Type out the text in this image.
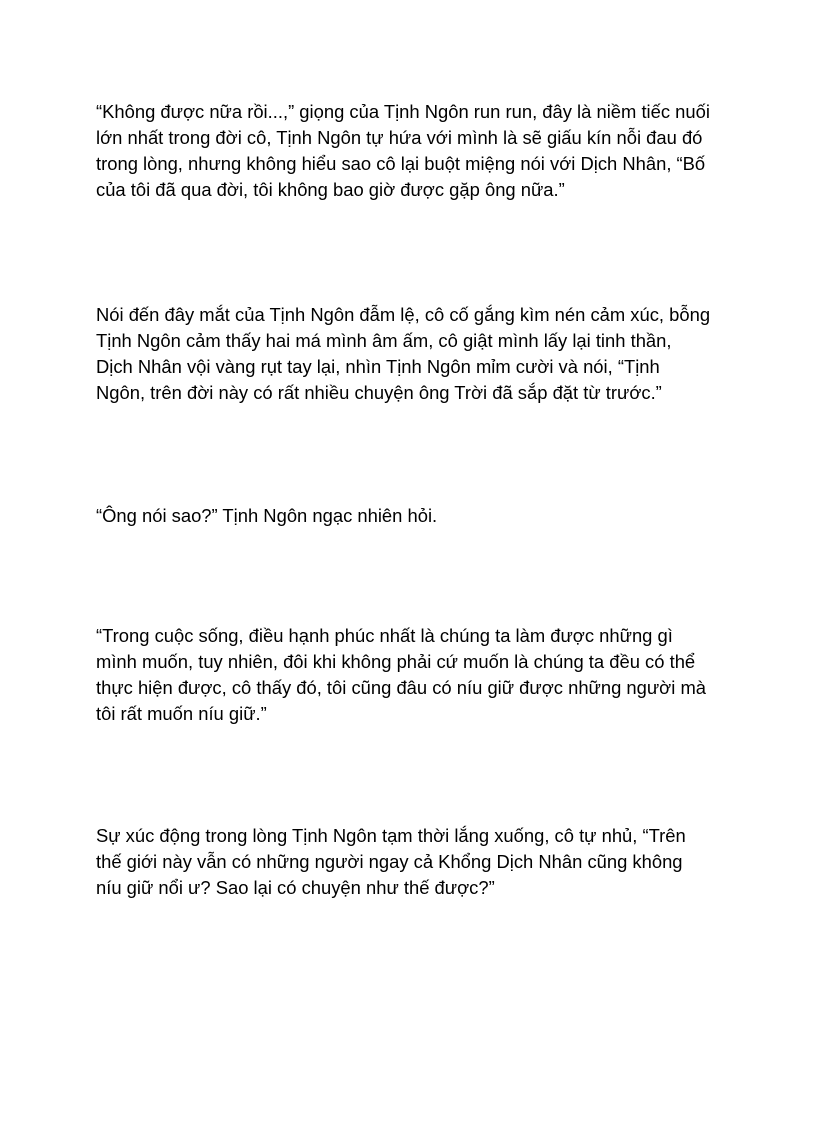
“Không được nữa rồi...,” giọng của Tịnh Ngôn run run, đây là niềm tiếc nuối
lớn nhất trong đời cô, Tịnh Ngôn tự hứa với mình là sẽ giấu kín nỗi đau đó
trong lòng, nhưng không hiểu sao cô lại buột miệng nói với Dịch Nhân, “Bố
của tôi đã qua đời, tôi không bao giờ được gặp ông nữa.”

Nói đến đây mắt của Tịnh Ngôn đẫm lệ, cô cố gắng kìm nén cảm xúc, bỗng
Tịnh Ngôn cảm thấy hai má mình âm ấm, cô giật mình lấy lại tinh thần,
Dịch Nhân vội vàng rụt tay lại, nhìn Tịnh Ngôn mỉm cười và nói, “Tịnh
Ngôn, trên đời này có rất nhiều chuyện ông Trời đã sắp đặt từ trước.”

“Ông nói sao?” Tịnh Ngôn ngạc nhiên hỏi.

“Trong cuộc sống, điều hạnh phúc nhất là chúng ta làm được những gì
mình muốn, tuy nhiên, đôi khi không phải cứ muốn là chúng ta đều có thể
thực hiện được, cô thấy đó, tôi cũng đâu có níu giữ được những người mà
tôi rất muốn níu giữ.”

Sự xúc động trong lòng Tịnh Ngôn tạm thời lắng xuống, cô tự nhủ, “Trên
thế giới này vẫn có những người ngay cả Khổng Dịch Nhân cũng không
níu giữ nổi ư? Sao lại có chuyện như thế được?”
